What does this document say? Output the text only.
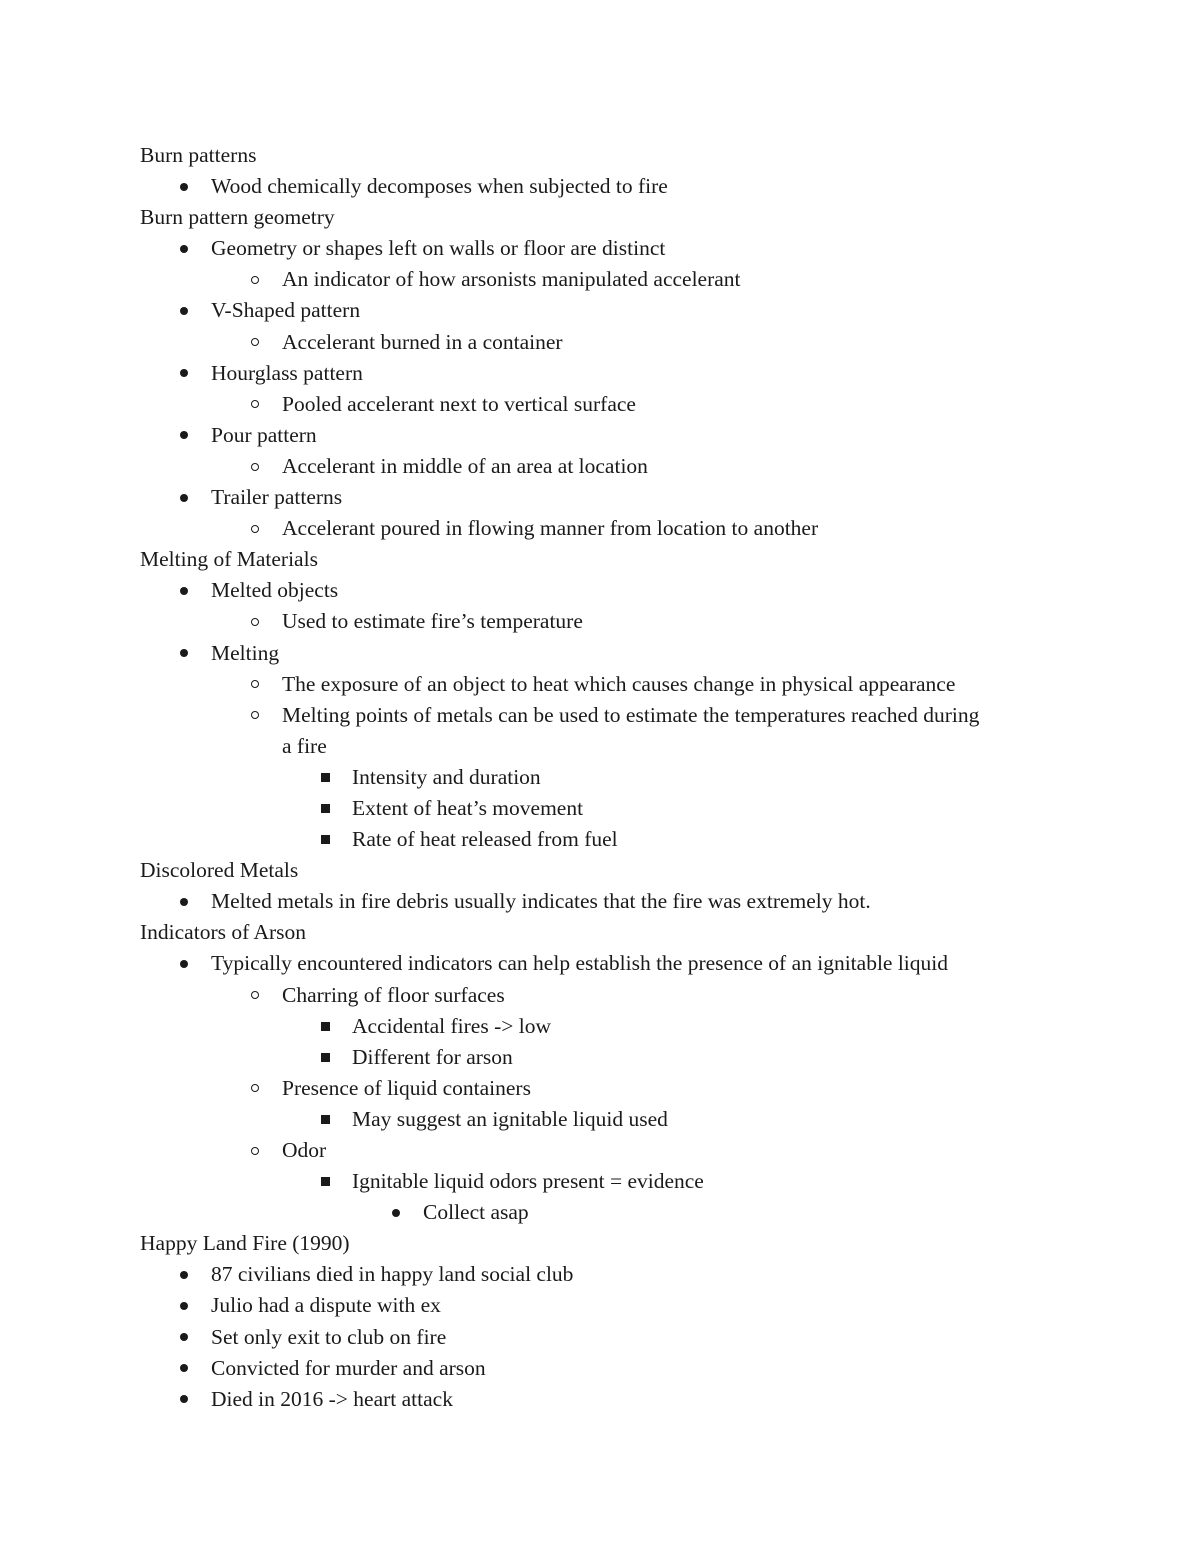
Burn patterns
Wood chemically decomposes when subjected to fire
Burn pattern geometry
Geometry or shapes left on walls or floor are distinct
An indicator of how arsonists manipulated accelerant
V-Shaped pattern
Accelerant burned in a container
Hourglass pattern
Pooled accelerant next to vertical surface
Pour pattern
Accelerant in middle of an area at location
Trailer patterns
Accelerant poured in flowing manner from location to another
Melting of Materials
Melted objects
Used to estimate fire’s temperature
Melting
The exposure of an object to heat which causes change in physical appearance
Melting points of metals can be used to estimate the temperatures reached during
a fire
Intensity and duration
Extent of heat’s movement
Rate of heat released from fuel
Discolored Metals
Melted metals in fire debris usually indicates that the fire was extremely hot.
Indicators of Arson
Typically encountered indicators can help establish the presence of an ignitable liquid
Charring of floor surfaces
Accidental fires -> low
Different for arson
Presence of liquid containers
May suggest an ignitable liquid used
Odor
Ignitable liquid odors present = evidence
Collect asap
Happy Land Fire (1990)
87 civilians died in happy land social club
Julio had a dispute with ex
Set only exit to club on fire
Convicted for murder and arson
Died in 2016 -> heart attack
